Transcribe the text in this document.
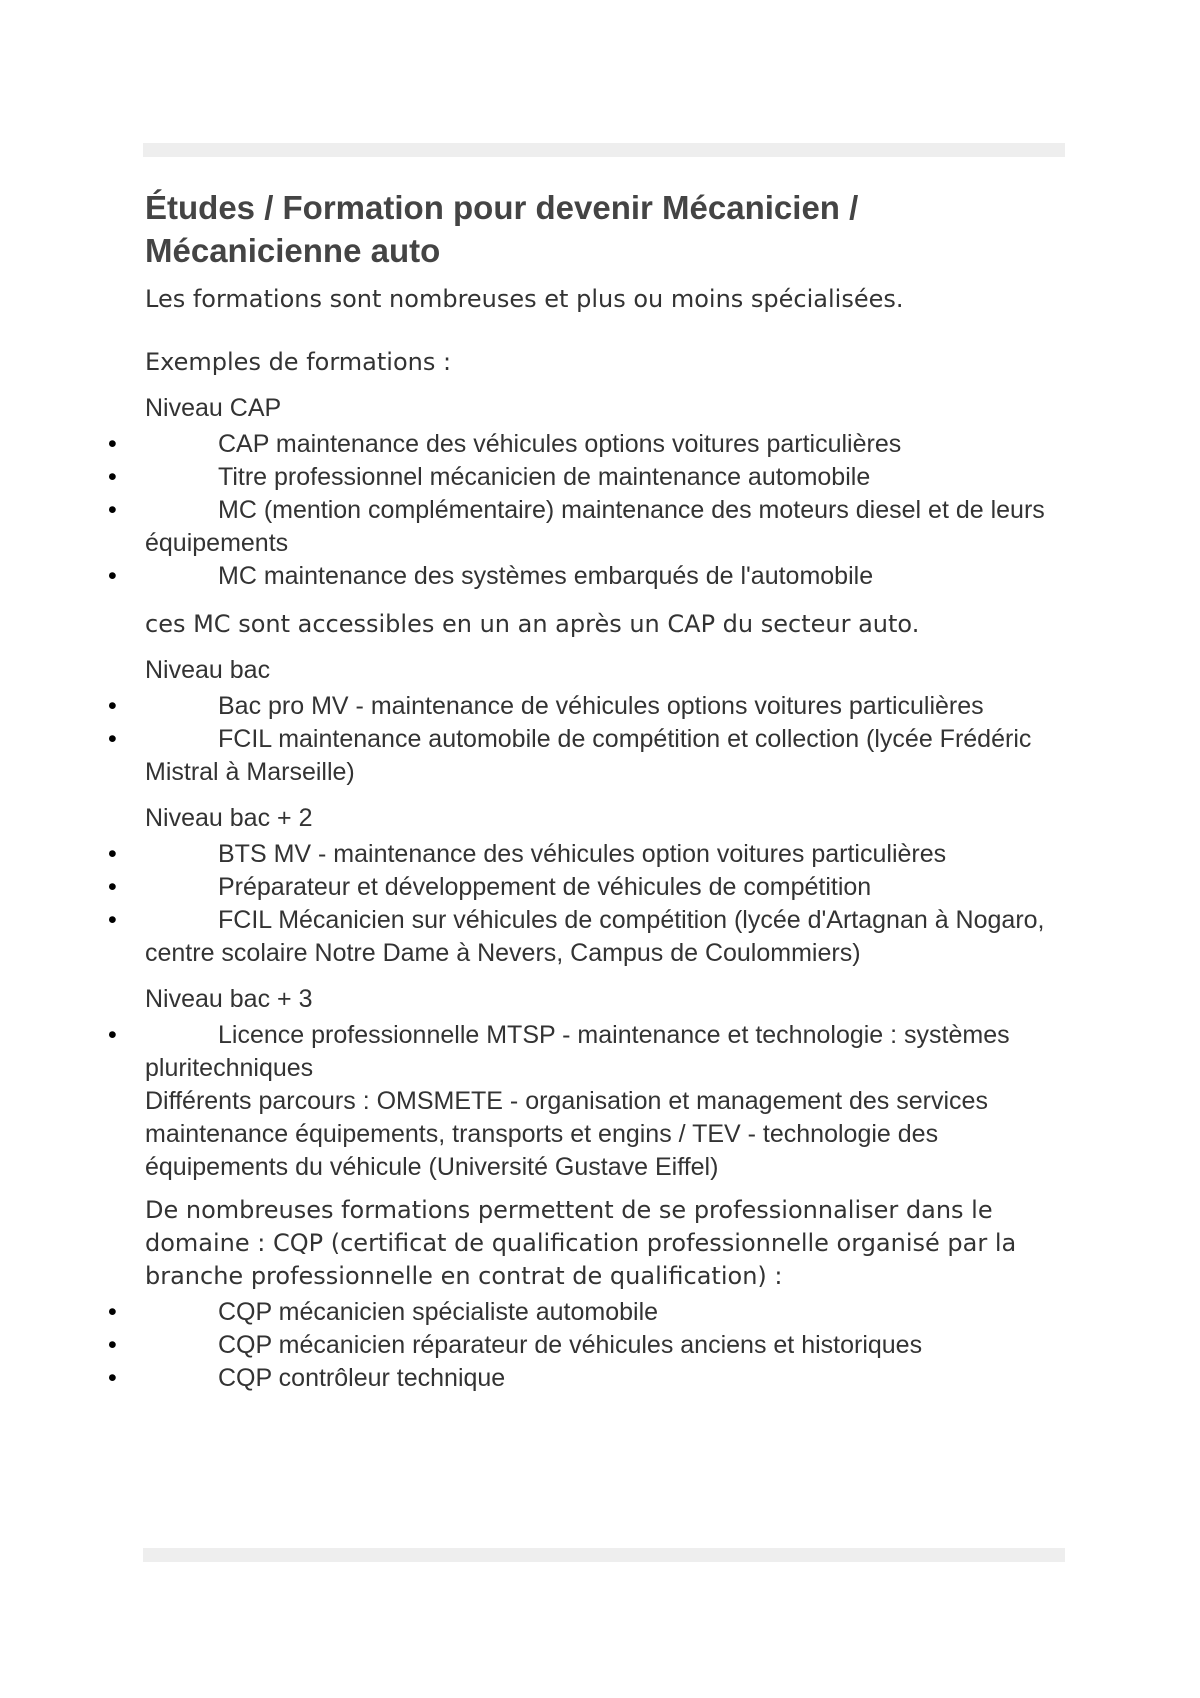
Études / Formation pour devenir Mécanicien / Mécanicienne auto

Les formations sont nombreuses et plus ou moins spécialisées.

Exemples de formations :

Niveau CAP

• CAP maintenance des véhicules options voitures particulières
• Titre professionnel mécanicien de maintenance automobile
• MC (mention complémentaire) maintenance des moteurs diesel et de leurs équipements
• MC maintenance des systèmes embarqués de l'automobile

ces MC sont accessibles en un an après un CAP du secteur auto.

Niveau bac

• Bac pro MV - maintenance de véhicules options voitures particulières
• FCIL maintenance automobile de compétition et collection (lycée Frédéric Mistral à Marseille)

Niveau bac + 2

• BTS MV - maintenance des véhicules option voitures particulières
• Préparateur et développement de véhicules de compétition
• FCIL Mécanicien sur véhicules de compétition (lycée d'Artagnan à Nogaro, centre scolaire Notre Dame à Nevers, Campus de Coulommiers)

Niveau bac + 3

• Licence professionnelle MTSP - maintenance et technologie : systèmes pluritechniques

Différents parcours : OMSMETE - organisation et management des services maintenance équipements, transports et engins / TEV - technologie des équipements du véhicule (Université Gustave Eiffel)

De nombreuses formations permettent de se professionnaliser dans le domaine : CQP (certificat de qualification professionnelle organisé par la branche professionnelle en contrat de qualification) :

• CQP mécanicien spécialiste automobile
• CQP mécanicien réparateur de véhicules anciens et historiques
• CQP contrôleur technique
